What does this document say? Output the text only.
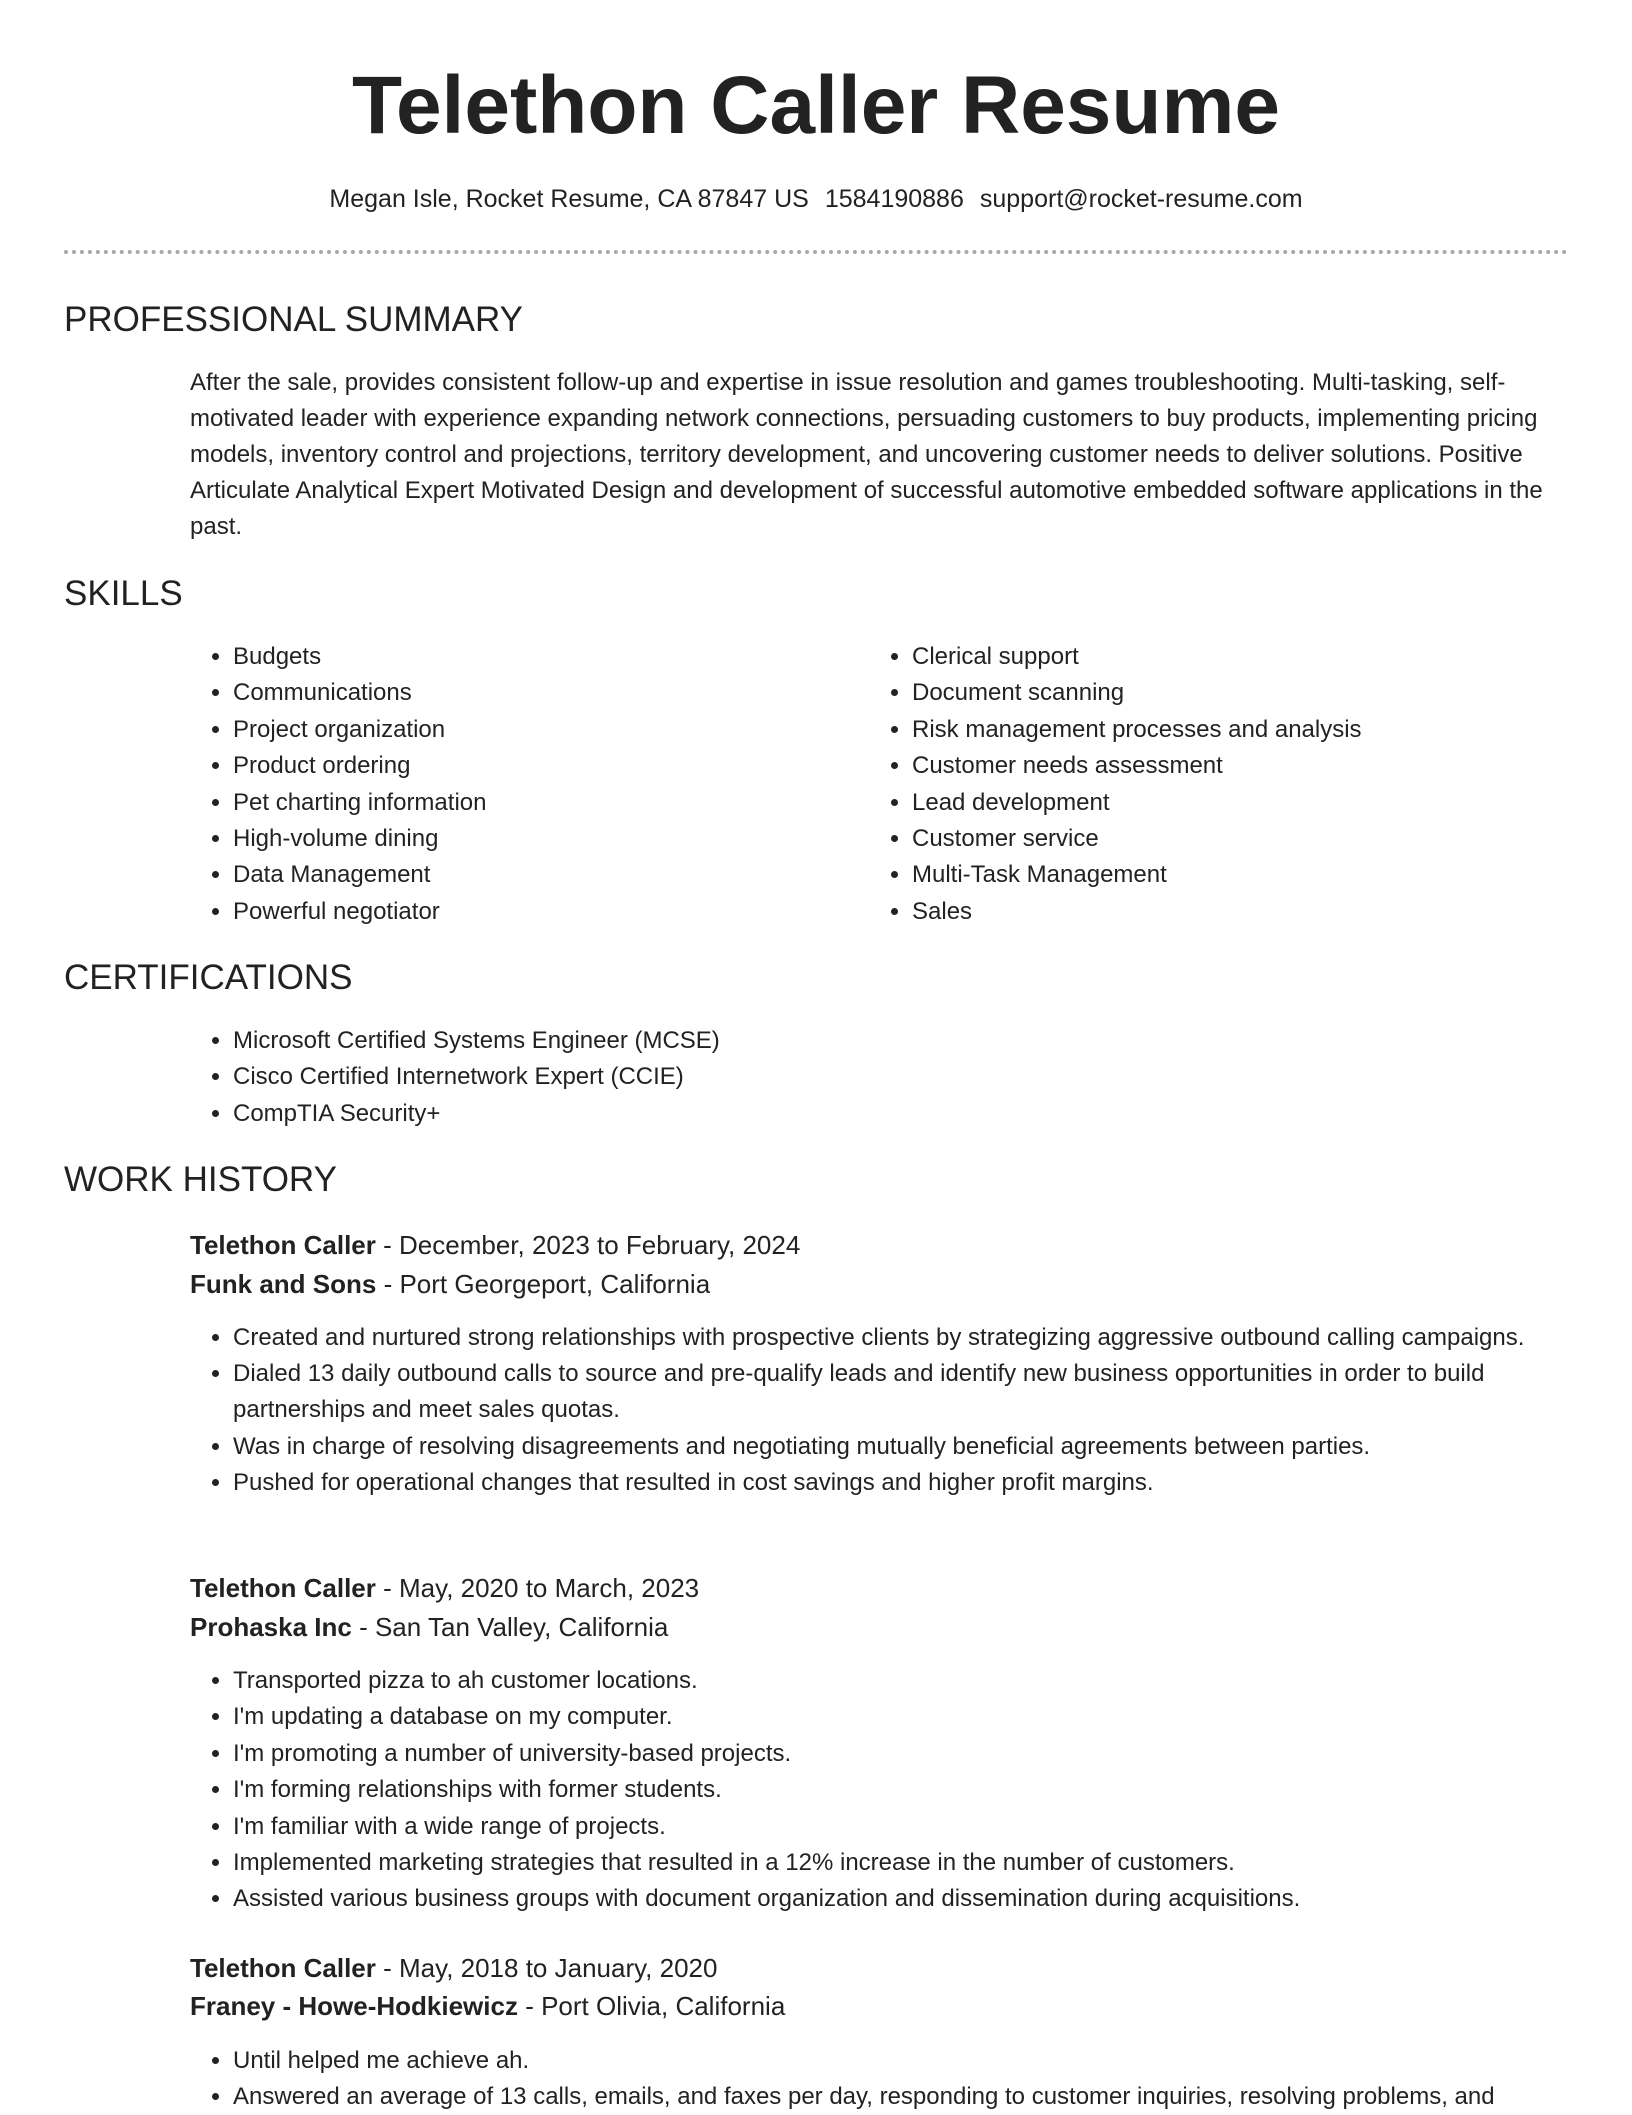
Telethon Caller Resume
Megan Isle, Rocket Resume, CA 87847 US 1584190886 support@rocket-resume.com
PROFESSIONAL SUMMARY

After the sale, provides consistent follow-up and expertise in issue resolution and games troubleshooting. Multi-tasking, self-motivated leader with experience expanding network connections, persuading customers to buy products, implementing pricing models, inventory control and projections, territory development, and uncovering customer needs to deliver solutions. Positive Articulate Analytical Expert Motivated Design and development of successful automotive embedded software applications in the past.

SKILLS
• Budgets
• Communications
• Project organization
• Product ordering
• Pet charting information
• High-volume dining
• Data Management
• Powerful negotiator
• Clerical support
• Document scanning
• Risk management processes and analysis
• Customer needs assessment
• Lead development
• Customer service
• Multi-Task Management
• Sales
CERTIFICATIONS
• Microsoft Certified Systems Engineer (MCSE)
• Cisco Certified Internetwork Expert (CCIE)
• CompTIA Security+
WORK HISTORY
Telethon Caller - December, 2023 to February, 2024
Funk and Sons - Port Georgeport, California
• Created and nurtured strong relationships with prospective clients by strategizing aggressive outbound calling campaigns.
• Dialed 13 daily outbound calls to source and pre-qualify leads and identify new business opportunities in order to build partnerships and meet sales quotas.
• Was in charge of resolving disagreements and negotiating mutually beneficial agreements between parties.
• Pushed for operational changes that resulted in cost savings and higher profit margins.
Telethon Caller - May, 2020 to March, 2023
Prohaska Inc - San Tan Valley, California
• Transported pizza to ah customer locations.
• I'm updating a database on my computer.
• I'm promoting a number of university-based projects.
• I'm forming relationships with former students.
• I'm familiar with a wide range of projects.
• Implemented marketing strategies that resulted in a 12% increase in the number of customers.
• Assisted various business groups with document organization and dissemination during acquisitions.
Telethon Caller - May, 2018 to January, 2020
Franey - Howe-Hodkiewicz - Port Olivia, California
• Until helped me achieve ah.
• Answered an average of 13 calls, emails, and faxes per day, responding to customer inquiries, resolving problems, and
